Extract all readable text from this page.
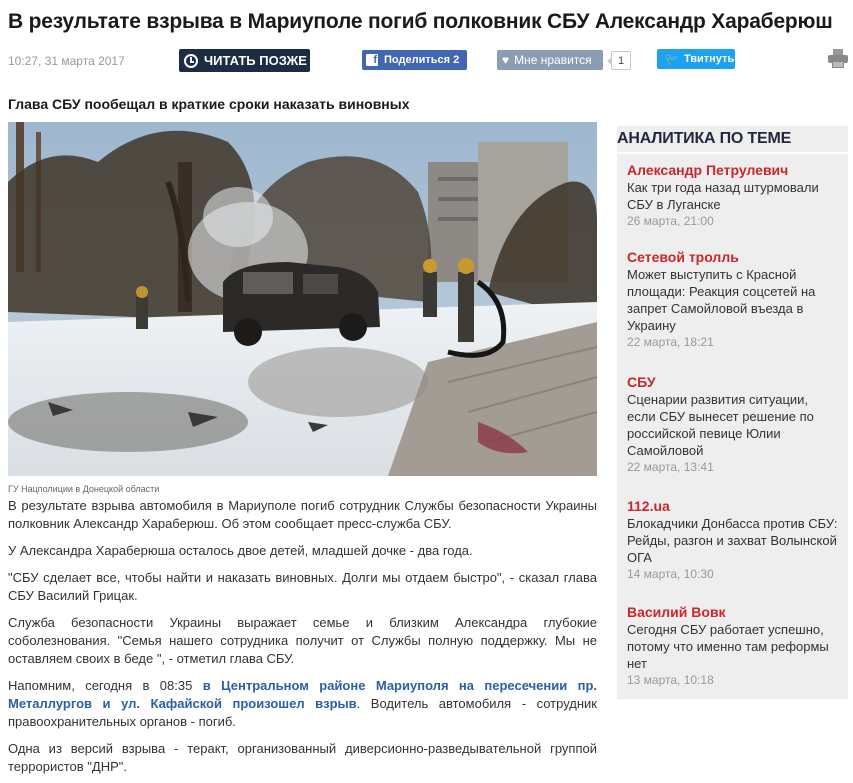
В результате взрыва в Мариуполе погиб полковник СБУ Александр Хараберюш
10:27, 31 марта 2017	ЧИТАТЬ ПОЗЖЕ	f Поделиться 2	♥ Мне нравится	1	🐦 Твитнуть
Глава СБУ пообещал в краткие сроки наказать виновных
ГУ Нацполиции в Донецкой области

В результате взрыва автомобиля в Мариуполе погиб сотрудник Службы безопасности Украины полковник Александр Хараберюш. Об этом сообщает пресс-служба СБУ.

У Александра Хараберюша осталось двое детей, младшей дочке - два года.

"СБУ сделает все, чтобы найти и наказать виновных. Долги мы отдаем быстро", - сказал глава СБУ Василий Грицак.

Служба безопасности Украины выражает семье и близким Александра глубокие соболезнования. "Семья нашего сотрудника получит от Службы полную поддержку. Мы не оставляем своих в беде ", - отметил глава СБУ.

Напомним, сегодня в 08:35 в Центральном районе Мариуполя на пересечении пр. Металлургов и ул. Кафайской произошел взрыв. Водитель автомобиля - сотрудник правоохранительных органов - погиб.

Одна из версий взрыва - теракт, организованный диверсионно-разведывательной группой террористов "ДНР".

АНАЛИТИКА ПО ТЕМЕ
Александр Петрулевич
Как три года назад штурмовали СБУ в Луганске
26 марта, 21:00
Сетевой тролль
Может выступить с Красной площади: Реакция соцсетей на запрет Самойловой въезда в Украину
22 марта, 18:21
СБУ
Сценарии развития ситуации, если СБУ вынесет решение по российской певице Юлии Самойловой
22 марта, 13:41
112.ua
Блокадчики Донбасса против СБУ: Рейды, разгон и захват Волынской ОГА
14 марта, 10:30
Василий Вовк
Сегодня СБУ работает успешно, потому что именно там реформы нет
13 марта, 10:18
